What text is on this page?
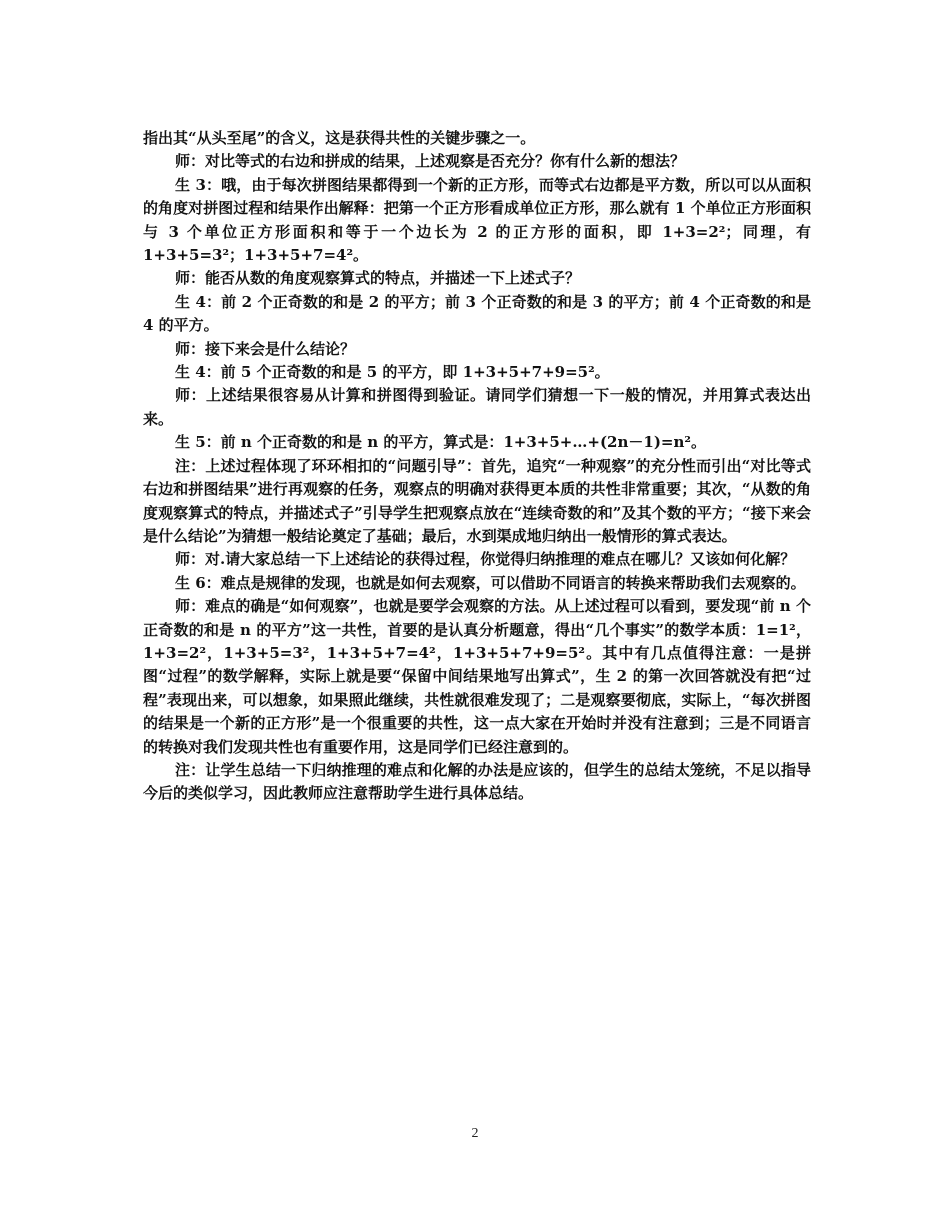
指出其“从头至尾”的含义，这是获得共性的关键步骤之一。

师：对比等式的右边和拼成的结果，上述观察是否充分？你有什么新的想法？

生 3：哦，由于每次拼图结果都得到一个新的正方形，而等式右边都是平方数，所以可以从面积的角度对拼图过程和结果作出解释：把第一个正方形看成单位正方形，那么就有 1 个单位正方形面积与 3 个单位正方形面积和等于一个边长为 2 的正方形的面积，即 1+3=2²；同理，有 1+3+5=3²；1+3+5+7=4²。

师：能否从数的角度观察算式的特点，并描述一下上述式子？

生 4：前 2 个正奇数的和是 2 的平方；前 3 个正奇数的和是 3 的平方；前 4 个正奇数的和是 4 的平方。

师：接下来会是什么结论？

生 4：前 5 个正奇数的和是 5 的平方，即 1+3+5+7+9=5²。

师：上述结果很容易从计算和拼图得到验证。请同学们猜想一下一般的情况，并用算式表达出来。

生 5：前 n 个正奇数的和是 n 的平方，算式是：1+3+5+…+(2n－1)=n²。

注：上述过程体现了环环相扣的“问题引导”：首先，追究“一种观察”的充分性而引出“对比等式右边和拼图结果”进行再观察的任务，观察点的明确对获得更本质的共性非常重要；其次，“从数的角度观察算式的特点，并描述式子”引导学生把观察点放在“连续奇数的和”及其个数的平方；“接下来会是什么结论”为猜想一般结论奠定了基础；最后，水到渠成地归纳出一般情形的算式表达。

师：对.请大家总结一下上述结论的获得过程，你觉得归纳推理的难点在哪儿？又该如何化解？

生 6：难点是规律的发现，也就是如何去观察，可以借助不同语言的转换来帮助我们去观察的。

师：难点的确是“如何观察”，也就是要学会观察的方法。从上述过程可以看到，要发现“前 n 个正奇数的和是 n 的平方”这一共性，首要的是认真分析题意，得出“几个事实”的数学本质：1=1²，1+3=2²，1+3+5=3²，1+3+5+7=4²，1+3+5+7+9=5²。其中有几点值得注意：一是拼图“过程”的数学解释，实际上就是要“保留中间结果地写出算式”，生 2 的第一次回答就没有把“过程”表现出来，可以想象，如果照此继续，共性就很难发现了；二是观察要彻底，实际上，“每次拼图的结果是一个新的正方形”是一个很重要的共性，这一点大家在开始时并没有注意到；三是不同语言的转换对我们发现共性也有重要作用，这是同学们已经注意到的。

注：让学生总结一下归纳推理的难点和化解的办法是应该的，但学生的总结太笼统，不足以指导今后的类似学习，因此教师应注意帮助学生进行具体总结。

2
